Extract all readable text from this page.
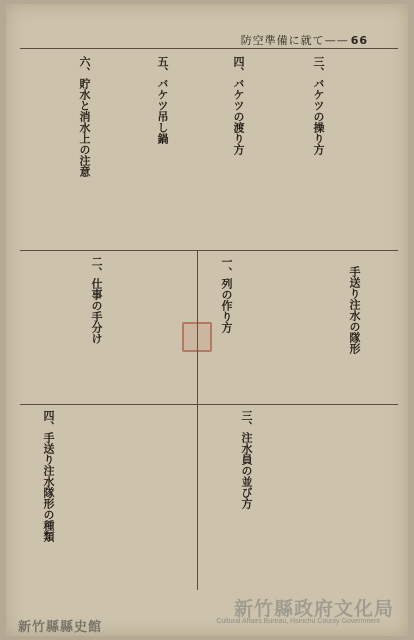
防空準備に就て—— 66
三、バケツの操り方
四、バケツの渡り方
五、バケツ吊し鍋
六、貯水と消水上の注意
手送り注水の隊形
一、列の作り方
二、仕事の手分け
三、注水員の並び方
四、手送り注水隊形の種類
新竹縣政府文化局
Cultural Affairs Bureau, Hsinchu County Government
新竹縣縣史館
